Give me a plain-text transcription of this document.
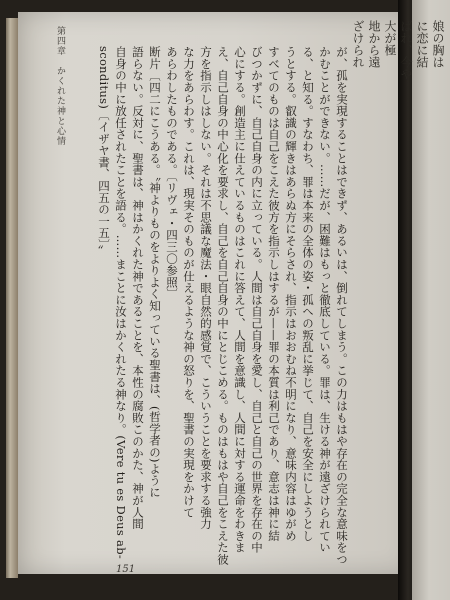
第四章　かくれた神と心情	が、孤を実現することはできず、あるいは、倒れてしまう。この力はもはや存在の完全な意味をつ
かむことができない。……だが、困難はもっと徹底している。罪は、生ける神が遠ざけられてい
る、と知る。すなわち、罪は本来の全体の姿・孤への叛乱に挙じて、自己を安全にしようとし
うとする。叡識の輝きはあらぬ方にそらされ、指示はおおむね不明になり、意味内容はゆがめ
すべてのものは自己をこえた彼方を指示しはするが——罪の本質は利己であり、意志は神に結
びつかずに、自己自身の内に立っている。人間は自己自身を愛し、自己と自己の世界を存在の中
心にする。創造主に仕えているものはこれに答えて、人間を意識し、人間に対する運命をわきま
え、自己自身の中心化を要求し、自己を自己自身の中にとじこめる。ものはもはや自己をこえた彼
方を指示しはしない。それは不思議な魔法・眼自然的感覚で、こういうことを要求する強力
な力をあらわす。これは、現実そのものが仕えるような神の怒りを、聖書の実現をかけて
あらわしたものである。〔リヴェ・四三〇参照〕
断片〔四二にこうある。〝神よりものをよりよく知っている聖書は、(哲学者の)ように
語らない。反対に、聖書は、神はかくれた神であることを、本性の腐敗このかた、神が人間
自身の中に放任されたことを語る。……まことに汝はかくれたる神なり。(Vere tu es Deus ab-
sconditus)〔イザヤ書、四五の一五〕〟
151
娘の胸は
に恋に結
ばれ、今や
大が極
地から遠
ざけられ
